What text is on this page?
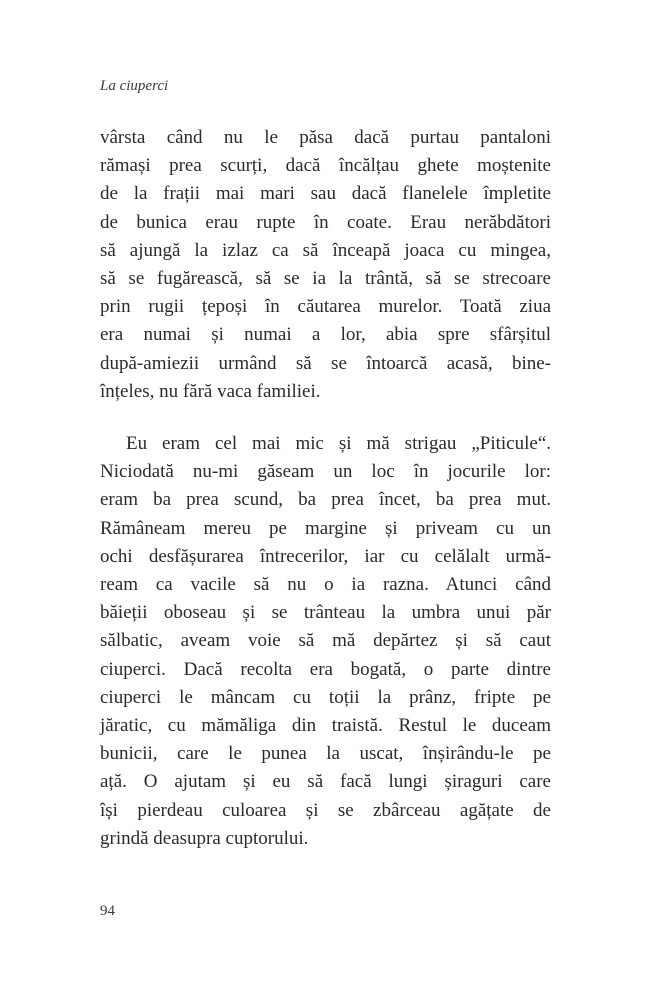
La ciuperci
vârsta când nu le păsa dacă purtau pantaloni
rămași prea scurți, dacă încălțau ghete moștenite
de la frații mai mari sau dacă flanelele împletite
de bunica erau rupte în coate. Erau nerăbdători
să ajungă la izlaz ca să înceapă joaca cu mingea,
să se fugărească, să se ia la trântă, să se strecoare
prin rugii țepoși în căutarea murelor. Toată ziua
era numai și numai a lor, abia spre sfârșitul
după-amiezii urmând să se întoarcă acasă, bine-
înțeles, nu fără vaca familiei.
Eu eram cel mai mic și mă strigau „Piticule“.
Niciodată nu-mi găseam un loc în jocurile lor:
eram ba prea scund, ba prea încet, ba prea mut.
Rămâneam mereu pe margine și priveam cu un
ochi desfășurarea întrecerilor, iar cu celălalt urmă-
ream ca vacile să nu o ia razna. Atunci când
băieții oboseau și se trânteau la umbra unui păr
sălbatic, aveam voie să mă depărtez și să caut
ciuperci. Dacă recolta era bogată, o parte dintre
ciuperci le mâncam cu toții la prânz, fripte pe
jăratic, cu mămăliga din traistă. Restul le duceam
bunicii, care le punea la uscat, înșirându-le pe
ață. O ajutam și eu să facă lungi șiraguri care
își pierdeau culoarea și se zbârceau agățate de
grindă deasupra cuptorului.
94
